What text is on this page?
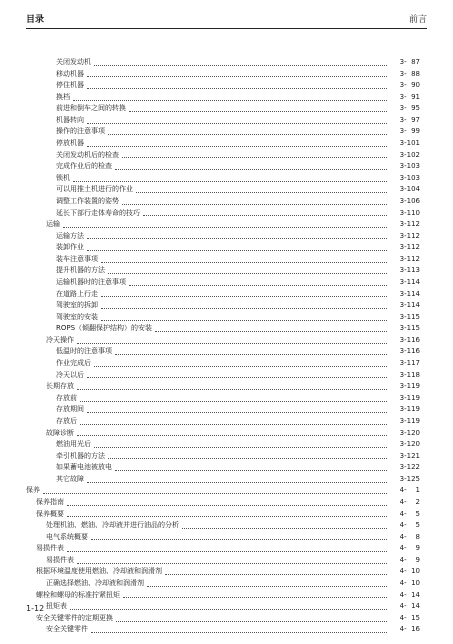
目录	前言
关闭发动机	3-  87
移动机器	3-  88
停住机器	3-  90
换档	3-  91
前进和倒车之间的转换	3-  95
机器转向	3-  97
操作的注意事项	3-  99
停放机器	3-101
关闭发动机后的检查	3-102
完成作业后的检查	3-103
锁机	3-103
可以用推土机进行的作业	3-104
调整工作装置的姿势	3-106
延长下部行走体寿命的技巧	3-110
运输	3-112
运输方法	3-112
装卸作业	3-112
装车注意事项	3-112
提升机器的方法	3-113
运输机器时的注意事项	3-114
在道路上行走	3-114
驾驶室的拆卸	3-114
驾驶室的安装	3-115
ROPS（倾翻保护结构）的安装	3-115
冷天操作	3-116
低温时的注意事项	3-116
作业完成后	3-117
冷天以后	3-118
长期存放	3-119
存放前	3-119
存放期间	3-119
存放后	3-119
故障诊断	3-120
燃油用光后	3-120
牵引机器的方法	3-121
如果蓄电池被放电	3-122
其它故障	3-125
保养	4-    1
保养指南	4-    2
保养概要	4-    5
处理机油、燃油、冷却液并进行油品的分析	4-    5
电气系统概要	4-    8
易损件表	4-    9
易损件表	4-    9
根据环境温度使用燃油、冷却液和润滑剂	4-  10
正确选择燃油、冷却液和润滑剂	4-  10
螺栓和螺母的标准拧紧扭矩	4-  14
扭矩表	4-  14
安全关键零件的定期更换	4-  15
安全关键零件	4-  16
1-12
